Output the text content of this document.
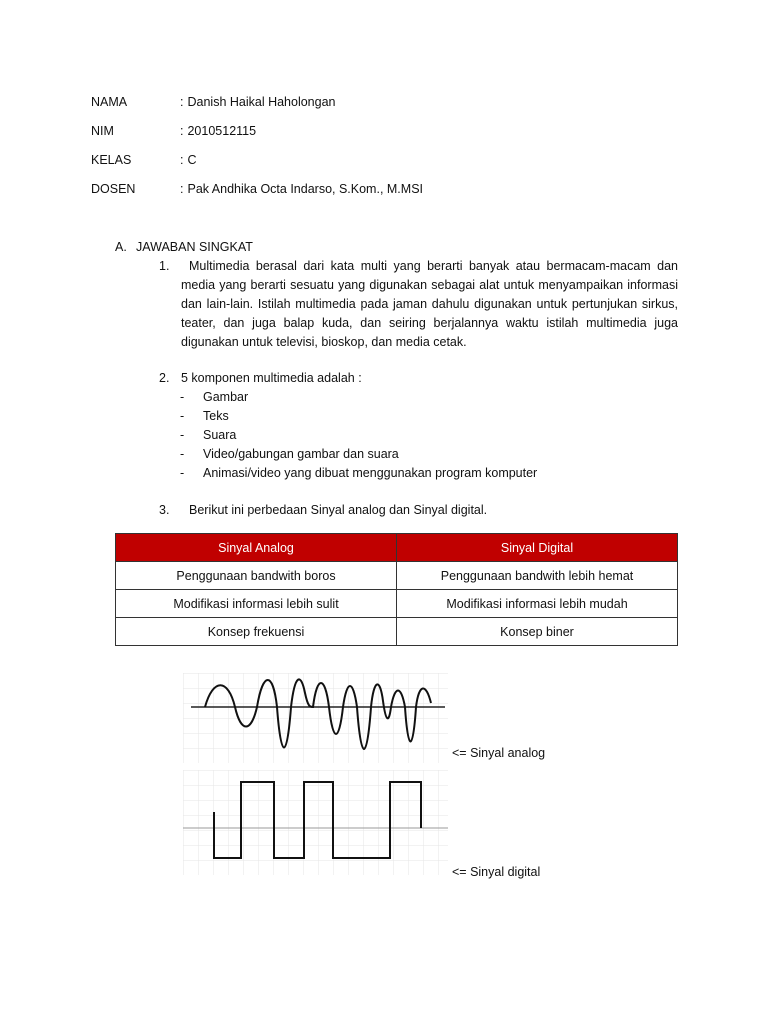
NAMA	: Danish Haikal Haholongan
NIM	: 2010512115
KELAS	: C
DOSEN	: Pak Andhika Octa Indarso, S.Kom., M.MSI
A. JAWABAN SINGKAT
1.	Multimedia berasal dari kata multi yang berarti banyak atau bermacam-macam dan media yang berarti sesuatu yang digunakan sebagai alat untuk menyampaikan informasi dan lain-lain. Istilah multimedia pada jaman dahulu digunakan untuk pertunjukan sirkus, teater, dan juga balap kuda, dan seiring berjalannya waktu istilah multimedia juga digunakan untuk televisi, bioskop, dan media cetak.
2. 5 komponen multimedia adalah :
- Gambar
- Teks
- Suara
- Video/gabungan gambar dan suara
- Animasi/video yang dibuat menggunakan program komputer
3.	Berikut ini perbedaan Sinyal analog dan Sinyal digital.
Sinyal Analog	Sinyal Digital
Penggunaan bandwith boros	Penggunaan bandwith lebih hemat
Modifikasi informasi lebih sulit	Modifikasi informasi lebih mudah
Konsep frekuensi	Konsep biner
<= Sinyal analog
<= Sinyal digital
